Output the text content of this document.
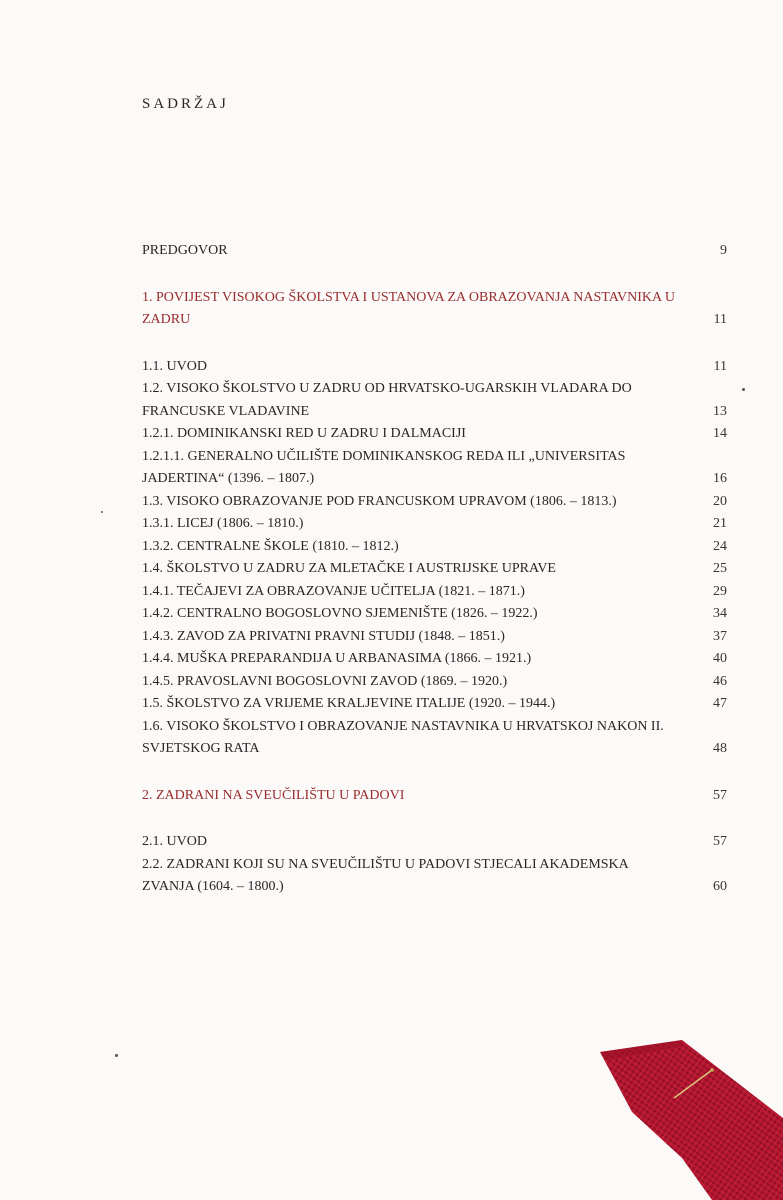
SADRŽAJ
PREDGOVOR	9
1. POVIJEST VISOKOG ŠKOLSTVA I USTANOVA ZA OBRAZOVANJA NASTAVNIKA U ZADRU	11
1.1. UVOD	11
1.2. VISOKO ŠKOLSTVO U ZADRU OD HRVATSKO-UGARSKIH VLADARA DO FRANCUSKE VLADAVINE	13
1.2.1. DOMINIKANSKI RED U ZADRU I DALMACIJI	14
1.2.1.1. GENERALNO UČILIŠTE DOMINIKANSKOG REDA ILI „UNIVERSITAS JADERTINA“ (1396. – 1807.)	16
1.3. VISOKO OBRAZOVANJE POD FRANCUSKOM UPRAVOM (1806. – 1813.)	20
1.3.1. LICEJ (1806. – 1810.)	21
1.3.2. CENTRALNE ŠKOLE (1810. – 1812.)	24
1.4. ŠKOLSTVO U ZADRU ZA MLETAČKE I AUSTRIJSKE UPRAVE	25
1.4.1. TEČAJEVI ZA OBRAZOVANJE UČITELJA (1821. – 1871.)	29
1.4.2. CENTRALNO BOGOSLOVNO SJEMENIŠTE (1826. – 1922.)	34
1.4.3. ZAVOD ZA PRIVATNI PRAVNI STUDIJ (1848. – 1851.)	37
1.4.4. MUŠKA PREPARANDIJA U ARBANASIMA (1866. – 1921.)	40
1.4.5. PRAVOSLAVNI BOGOSLOVNI ZAVOD (1869. – 1920.)	46
1.5. ŠKOLSTVO ZA VRIJEME KRALJEVINE ITALIJE (1920. – 1944.)	47
1.6. VISOKO ŠKOLSTVO I OBRAZOVANJE NASTAVNIKA U HRVATSKOJ NAKON II. SVJETSKOG RATA	48
2. ZADRANI NA SVEUČILIŠTU U PADOVI	57
2.1. UVOD	57
2.2. ZADRANI KOJI SU NA SVEUČILIŠTU U PADOVI STJECALI AKADEMSKA ZVANJA (1604. – 1800.)	60
